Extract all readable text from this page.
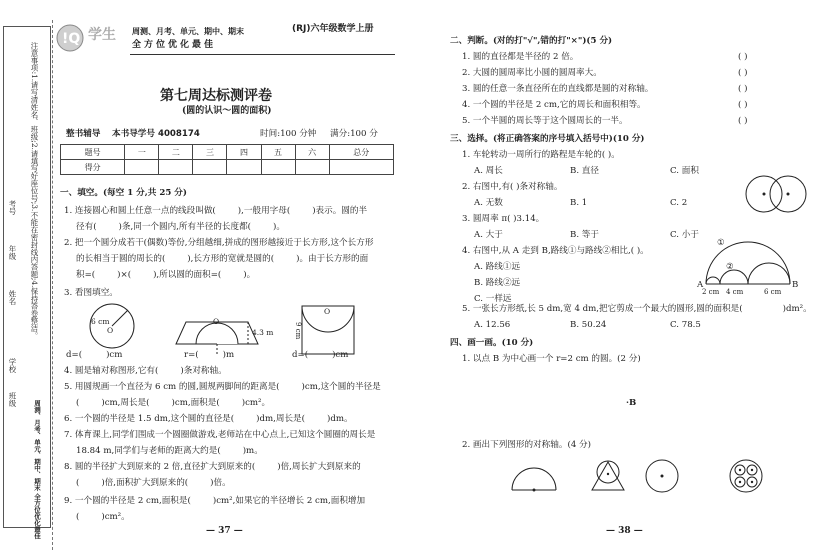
注意事项:1.请写清姓名、班级;2.请填写好座位号;3.不能在密封线内答题;4.保持答卷整洁。
学校
班级
姓名
年级
考号
周测、月考、单元、期中、期末 全方位优化最佳
!Q 学生 周测、月考、单元、期中、期末
全方位优化最佳
(RJ)六年级数学上册
第七周达标测评卷
(圆的认识～圆的面积)
整书辅导 本书导学号 4008174	时间:100 分钟 满分:100 分
题号	一	二	三	四	五	六	总分
得分							
一、填空。(每空 1 分,共 25 分)
1. 连接圆心和圆上任意一点的线段叫做(	),一般用字母(	)表示。圆的半
径有(	)条,同一个圆内,所有半径的长度都(	)。
2. 把一个圆分成若干(偶数)等份,分组越细,拼成的图形越接近于长方形,这个长方形
的长相当于圆的周长的(	),长方形的宽就是圆的(	)。由于长方形的面
积=(	)×(	),所以圆的面积=(	)。
3. 看图填空。
6 cm
O
O
4.3 m
O
9 cm
d=(	)cm	r=(	)m	d=(	)cm
4. 圆是轴对称图形,它有(	)条对称轴。
5. 用圆规画一个直径为 6 cm 的圆,圆规两脚间的距离是(	)cm,这个圆的半径是
(	)cm,周长是(	)cm,面积是(	)cm²。
6. 一个圆的半径是 1.5 dm,这个圆的直径是(	)dm,周长是(	)dm。
7. 体育课上,同学们围成一个圆圈做游戏,老师站在中心点上,已知这个圆圈的周长是
18.84 m,同学们与老师的距离大约是(	)m。
8. 圆的半径扩大到原来的 2 倍,直径扩大到原来的(	)倍,周长扩大到原来的
(	)倍,面积扩大到原来的(	)倍。
9. 一个圆的半径是 2 cm,面积是(	)cm²,如果它的半径增长 2 cm,面积增加
(	)cm²。
— 37 —
二、判断。(对的打"√",错的打"×")(5 分)
1. 圆的直径都是半径的 2 倍。	( )
2. 大圆的圆周率比小圆的圆周率大。	( )
3. 圆的任意一条直径所在的直线都是圆的对称轴。	( )
4. 一个圆的半径是 2 cm,它的周长和面积相等。	( )
5. 一个半圆的周长等于这个圆周长的一半。	( )
三、选择。(将正确答案的序号填入括号中)(10 分)
1. 车轮转动一周所行的路程是车轮的( )。
A. 周长	B. 直径	C. 面积
2. 右图中,有( )条对称轴。
A. 无数	B. 1	C. 2
3. 圆周率 π( )3.14。
A. 大于	B. 等于	C. 小于
4. 右图中,从 A 走到 B,路线①与路线②相比,( )。
A. 路线①远
B. 路线②远
C. 一样远
①
②
A	B
2 cm 4 cm	6 cm
5. 一张长方形纸,长 5 dm,宽 4 dm,把它剪成一个最大的圆形,圆的面积是(	)dm²。
A. 12.56	B. 50.24	C. 78.5
四、画一画。(10 分)
1. 以点 B 为中心画一个 r=2 cm 的圆。(2 分)
·B
2. 画出下列图形的对称轴。(4 分)
— 38 —
